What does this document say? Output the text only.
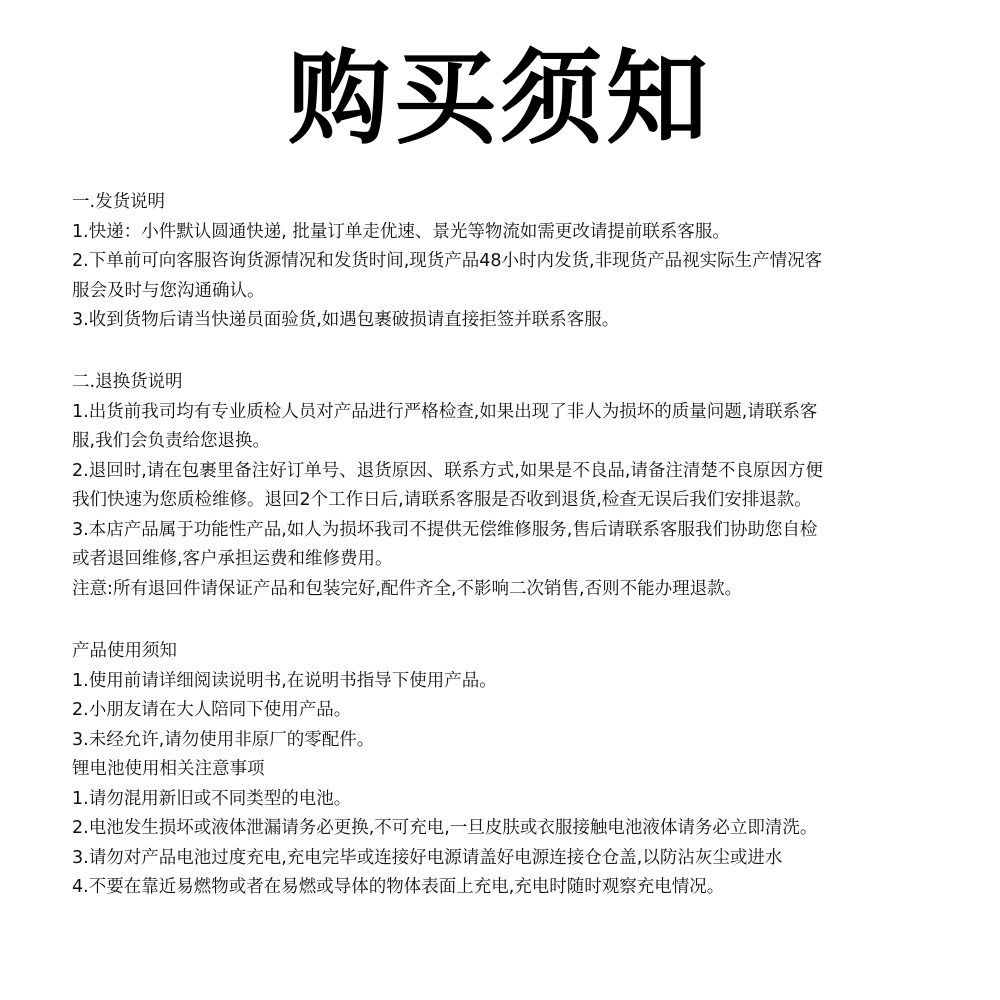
购买须知
一.发货说明
1.快递：小件默认圆通快递, 批量订单走优速、景光等物流如需更改请提前联系客服。
2.下单前可向客服咨询货源情况和发货时间,现货产品48小时内发货,非现货产品视实际生产情况客
服会及时与您沟通确认。
3.收到货物后请当快递员面验货,如遇包裹破损请直接拒签并联系客服。
二.退换货说明
1.出货前我司均有专业质检人员对产品进行严格检查,如果出现了非人为损坏的质量问题,请联系客
服,我们会负责给您退换。
2.退回时,请在包裹里备注好订单号、退货原因、联系方式,如果是不良品,请备注清楚不良原因方便
我们快速为您质检维修。退回2个工作日后,请联系客服是否收到退货,检查无误后我们安排退款。
3.本店产品属于功能性产品,如人为损坏我司不提供无偿维修服务,售后请联系客服我们协助您自检
或者退回维修,客户承担运费和维修费用。
注意:所有退回件请保证产品和包装完好,配件齐全,不影响二次销售,否则不能办理退款。
产品使用须知
1.使用前请详细阅读说明书,在说明书指导下使用产品。
2.小朋友请在大人陪同下使用产品。
3.未经允许,请勿使用非原厂的零配件。
锂电池使用相关注意事项
1.请勿混用新旧或不同类型的电池。
2.电池发生损坏或液体泄漏请务必更换,不可充电,一旦皮肤或衣服接触电池液体请务必立即清洗。
3.请勿对产品电池过度充电,充电完毕或连接好电源请盖好电源连接仓仓盖,以防沾灰尘或进水
4.不要在靠近易燃物或者在易燃或导体的物体表面上充电,充电时随时观察充电情况。
